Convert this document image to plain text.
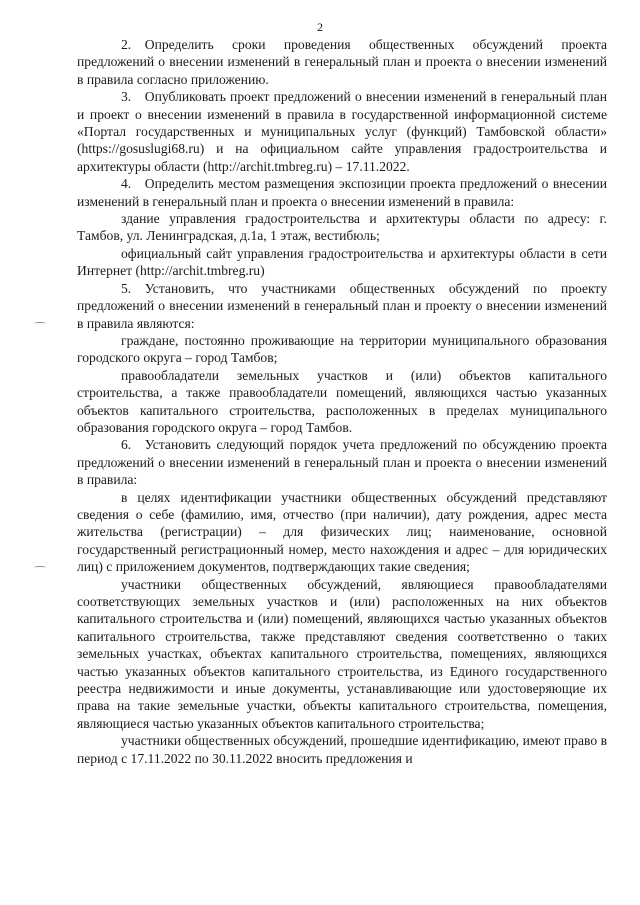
2

2. Определить сроки проведения общественных обсуждений проекта предложений о внесении изменений в генеральный план и проекта о внесении изменений в правила согласно приложению.

3. Опубликовать проект предложений о внесении изменений в генеральный план и проект о внесении изменений в правила в государственной информационной системе «Портал государственных и муниципальных услуг (функций) Тамбовской области» (https://gosuslugi68.ru) и на официальном сайте управления градостроительства и архитектуры области (http://archit.tmbreg.ru) – 17.11.2022.

4. Определить местом размещения экспозиции проекта предложений о внесении изменений в генеральный план и проекта о внесении изменений в правила:

здание управления градостроительства и архитектуры области по адресу: г. Тамбов, ул. Ленинградская, д.1а, 1 этаж, вестибюль;

официальный сайт управления градостроительства и архитектуры области в сети Интернет (http://archit.tmbreg.ru)

5. Установить, что участниками общественных обсуждений по проекту предложений о внесении изменений в генеральный план и проекту о внесении изменений в правила являются:

граждане, постоянно проживающие на территории муниципального образования городского округа – город Тамбов;

правообладатели земельных участков и (или) объектов капитального строительства, а также правообладатели помещений, являющихся частью указанных объектов капитального строительства, расположенных в пределах муниципального образования городского округа – город Тамбов.

6. Установить следующий порядок учета предложений по обсуждению проекта предложений о внесении изменений в генеральный план и проекта о внесении изменений в правила:

в целях идентификации участники общественных обсуждений представляют сведения о себе (фамилию, имя, отчество (при наличии), дату рождения, адрес места жительства (регистрации) – для физических лиц; наименование, основной государственный регистрационный номер, место нахождения и адрес – для юридических лиц) с приложением документов, подтверждающих такие сведения;

участники общественных обсуждений, являющиеся правообладателями соответствующих земельных участков и (или) расположенных на них объектов капитального строительства и (или) помещений, являющихся частью указанных объектов капитального строительства, также представляют сведения соответственно о таких земельных участках, объектах капитального строительства, помещениях, являющихся частью указанных объектов капитального строительства, из Единого государственного реестра недвижимости и иные документы, устанавливающие или удостоверяющие их права на такие земельные участки, объекты капитального строительства, помещения, являющиеся частью указанных объектов капитального строительства;

участники общественных обсуждений, прошедшие идентификацию, имеют право в период с 17.11.2022 по 30.11.2022 вносить предложения и
